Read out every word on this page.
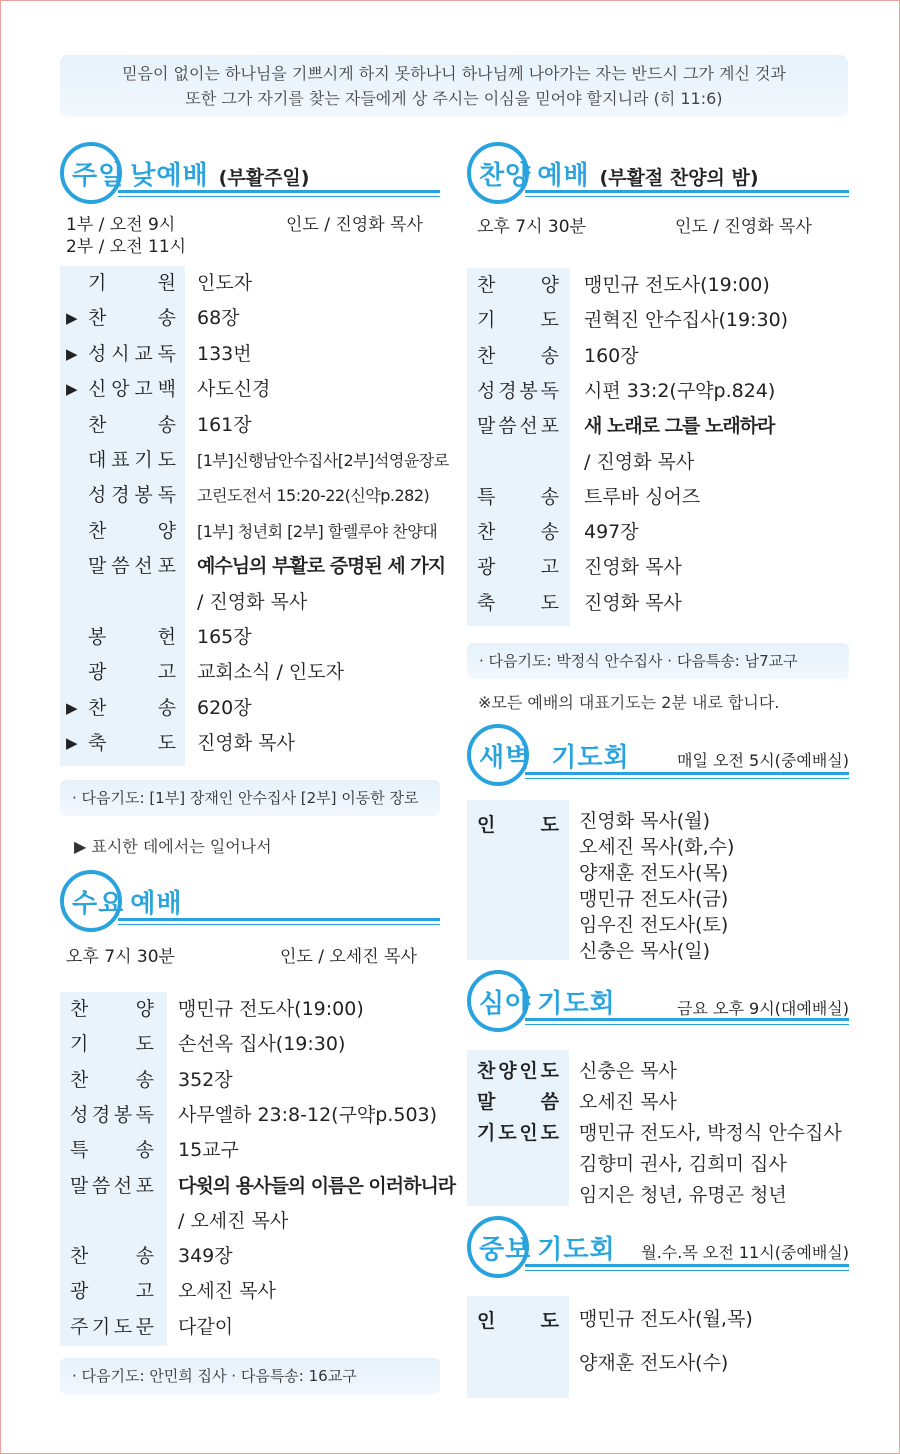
믿음이 없이는 하나님을 기쁘시게 하지 못하나니 하나님께 나아가는 자는 반드시 그가 계신 것과
또한 그가 자기를 찾는 자들에게 상 주시는 이심을 믿어야 할지니라 (히 11:6)
주일 낮예배 (부활주일)
1부 / 오전 9시
2부 / 오전 11시
인도 / 진영화 목사
기	원 인도자
▶ 찬	송 68장
▶ 성 시 교 독 133번
▶ 신 앙 고 백 사도신경
찬	송 161장
대 표 기 도 [1부]신행남안수집사[2부]석영윤장로
성 경 봉 독 고린도전서 15:20-22(신약p.282)
찬	양 [1부] 청년회 [2부] 할렐루야 찬양대
말 씀 선 포 예수님의 부활로 증명된 세 가지
/ 진영화 목사
봉	헌 165장
광	고 교회소식 / 인도자
▶ 찬	송 620장
▶ 축	도 진영화 목사
· 다음기도: [1부] 장재인 안수집사 [2부] 이동한 장로
▶ 표시한 데에서는 일어나서
수요 예배
오후 7시 30분	인도 / 오세진 목사
찬 양 맹민규 전도사(19:00)
기 도 손선옥 집사(19:30)
찬 송 352장
성 경 봉 독 사무엘하 23:8-12(구약p.503)
특 송 15교구
말 씀 선 포 다윗의 용사들의 이름은 이러하니라
/ 오세진 목사
찬 송 349장
광 고 오세진 목사
주 기 도 문 다같이
· 다음기도: 안민희 집사 · 다음특송: 16교구
찬양 예배 (부활절 찬양의 밤)
오후 7시 30분	인도 / 진영화 목사
찬 양 맹민규 전도사(19:00)
기 도 권혁진 안수집사(19:30)
찬 송 160장
성 경 봉 독 시편 33:2(구약p.824)
말 씀 선 포 새 노래로 그를 노래하라
/ 진영화 목사
특 송 트루바 싱어즈
찬 송 497장
광 고 진영화 목사
축 도 진영화 목사
· 다음기도: 박정식 안수집사 · 다음특송: 남7교구
※모든 예배의 대표기도는 2분 내로 합니다.
새벽 기도회	매일 오전 5시(중예배실)
인 도 진영화 목사(월)
오세진 목사(화,수)
양재훈 전도사(목)
맹민규 전도사(금)
임우진 전도사(토)
신충은 목사(일)
심야 기도회	금요 오후 9시(대예배실)
찬 양 인 도 신충은 목사
말 씀 오세진 목사
기 도 인 도 맹민규 전도사, 박정식 안수집사
김향미 권사, 김희미 집사
임지은 청년, 유명곤 청년
중보 기도회 월.수.목 오전 11시(중예배실)
인 도 맹민규 전도사(월,목)
양재훈 전도사(수)
